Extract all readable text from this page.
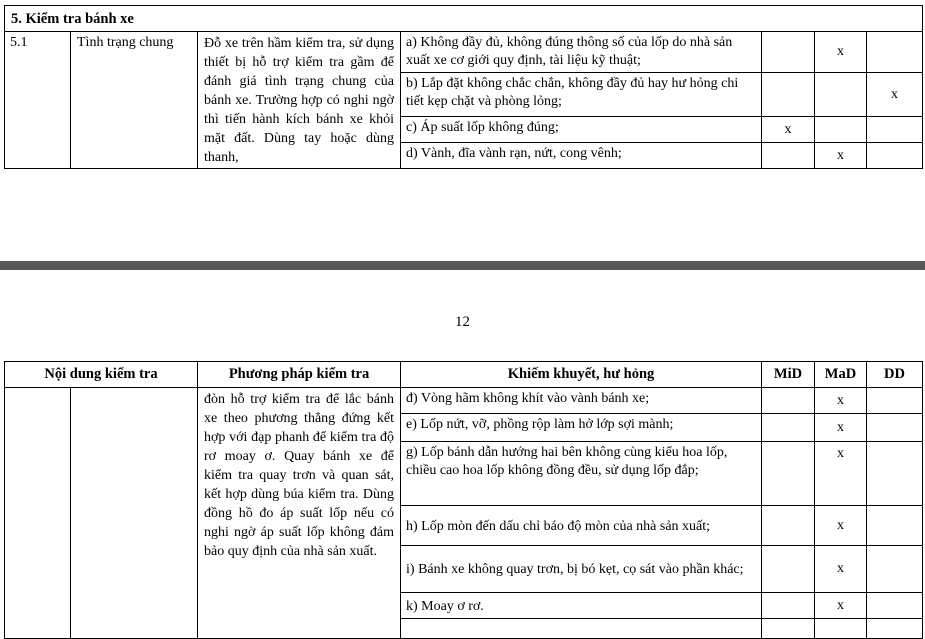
5. Kiểm tra bánh xe						
5.1	Tình trạng chung	Đỗ xe trên hầm kiểm tra, sử dụng thiết bị hỗ trợ kiểm tra gầm để đánh giá tình trạng chung của bánh xe. Trường hợp có nghi ngờ thì tiến hành kích bánh xe khỏi mặt đất. Dùng tay hoặc dùng thanh,	a) Không đầy đủ, không đúng thông số của lốp do nhà sản xuất xe cơ giới quy định, tài liệu kỹ thuật;		x	
			b) Lắp đặt không chắc chắn, không đầy đủ hay hư hỏng chi tiết kẹp chặt và phòng lỏng;			x
			c) Áp suất lốp không đúng;	x		
			d) Vành, đĩa vành rạn, nứt, cong vênh;		x	
12
Nội dung kiểm tra		Phương pháp kiểm tra	Khiếm khuyết, hư hỏng	MiD	MaD	DD

		đòn hỗ trợ kiểm tra để lắc bánh xe theo phương thẳng đứng kết hợp với đạp phanh để kiểm tra độ rơ moay ơ. Quay bánh xe để kiểm tra quay trơn và quan sát, kết hợp dùng búa kiểm tra. Dùng đồng hồ đo áp suất lốp nếu có nghi ngờ áp suất lốp không đảm bảo quy định của nhà sản xuất.	đ) Vòng hãm không khít vào vành bánh xe;		x	
			e) Lốp nứt, vỡ, phồng rộp làm hở lớp sợi mành;		x	
			g) Lốp bánh dẫn hướng hai bên không cùng kiểu hoa lốp, chiều cao hoa lốp không đồng đều, sử dụng lốp đắp;		x	
			h) Lốp mòn đến dấu chỉ báo độ mòn của nhà sản xuất;		x	
			i) Bánh xe không quay trơn, bị bó kẹt, cọ sát vào phần khác;		x	
			k) Moay ơ rơ.		x	
